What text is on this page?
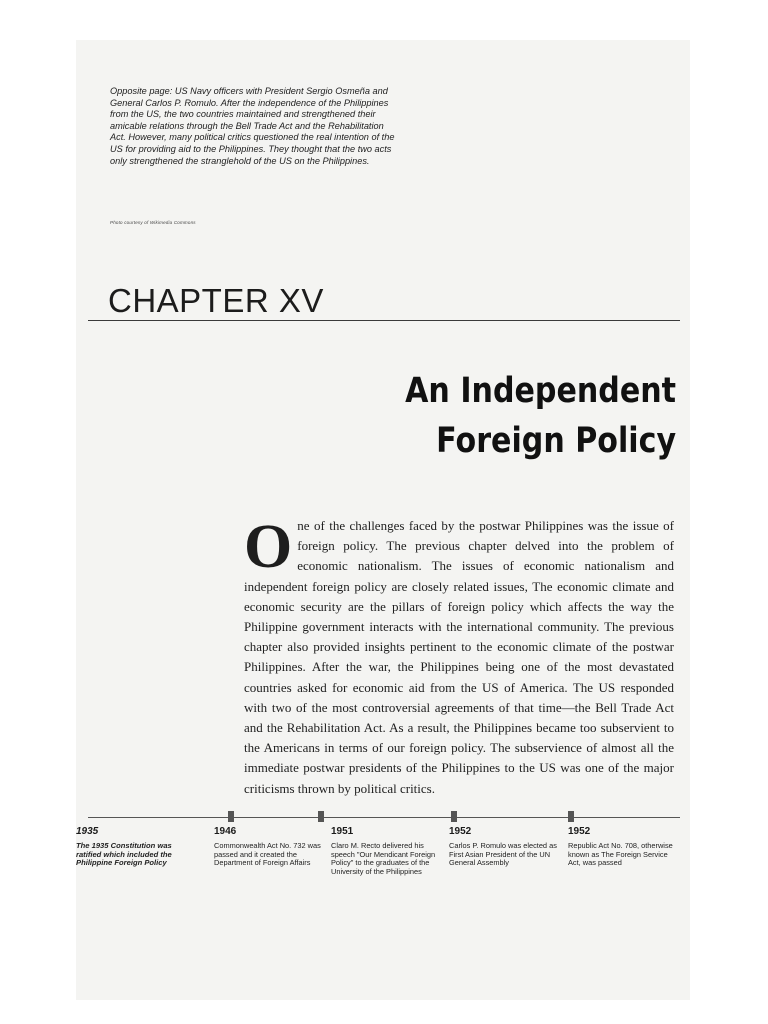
Opposite page: US Navy officers with President Sergio Osmeña and General Carlos P. Romulo. After the independence of the Philippines from the US, the two countries maintained and strengthened their amicable relations through the Bell Trade Act and the Rehabilitation Act. However, many political critics questioned the real intention of the US for providing aid to the Philippines. They thought that the two acts only strengthened the stranglehold of the US on the Philippines.
Photo courtesy of Wikimedia Commons
CHAPTER XV
An Independent
Foreign Policy
One of the challenges faced by the postwar Philippines was the issue of foreign policy. The previous chapter delved into the problem of economic nationalism. The issues of economic nationalism and independent foreign policy are closely related issues, The economic climate and economic security are the pillars of foreign policy which affects the way the Philippine government interacts with the international community. The previous chapter also provided insights pertinent to the economic climate of the postwar Philippines. After the war, the Philippines being one of the most devastated countries asked for economic aid from the US of America. The US responded with two of the most controversial agreements of that time—the Bell Trade Act and the Rehabilitation Act. As a result, the Philippines became too subservient to the Americans in terms of our foreign policy. The subservience of almost all the immediate postwar presidents of the Philippines to the US was one of the major criticisms thrown by political critics.
1935
The 1935 Constitution was ratified which included the Philippine Foreign Policy
1946
Commonwealth Act No. 732 was passed and it created the Department of Foreign Affairs
1951
Claro M. Recto delivered his speech "Our Mendicant Foreign Policy" to the graduates of the University of the Philippines
1952
Carlos P. Romulo was elected as First Asian President of the UN General Assembly
1952
Republic Act No. 708, otherwise known as The Foreign Service Act, was passed
